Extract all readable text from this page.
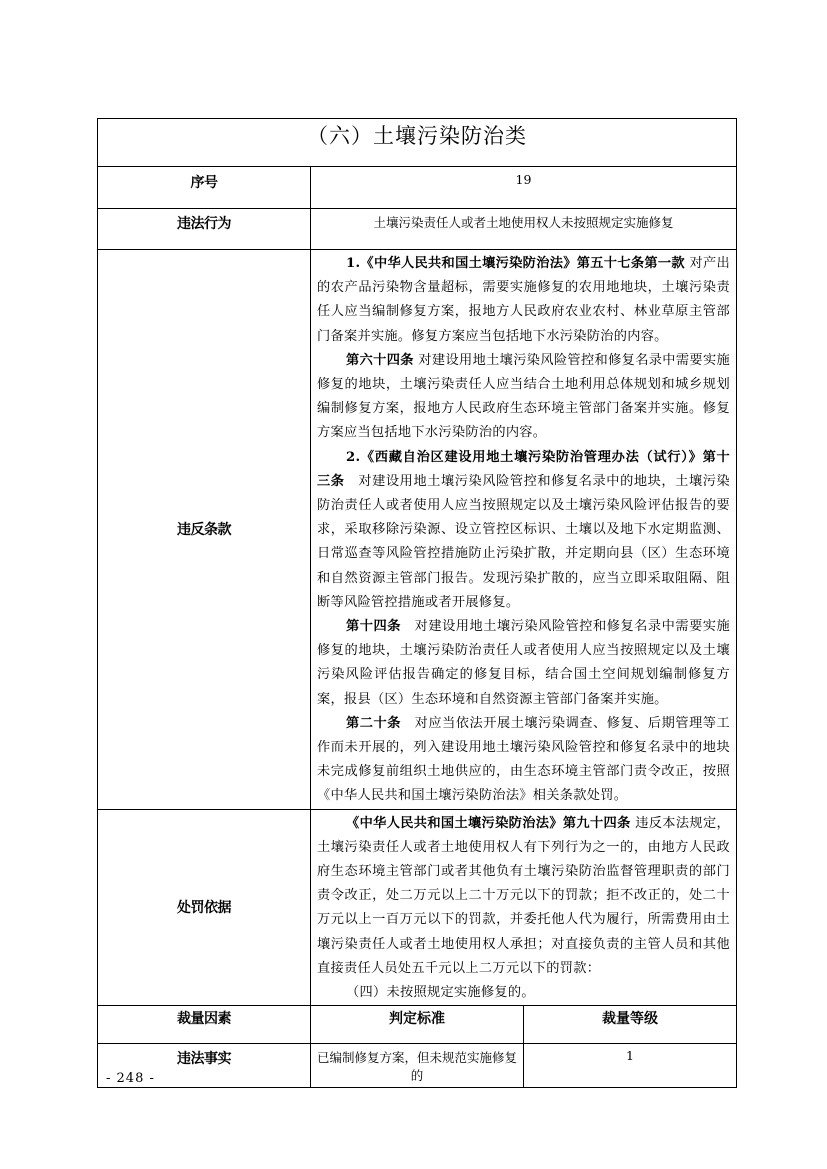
（六）土壤污染防治类		
序号	19	
违法行为	土壤污染责任人或者土地使用权人未按照规定实施修复	
违反条款	1.《中华人民共和国土壤污染防治法》第五十七条第一款 对产出的农产品污染物含量超标，需要实施修复的农用地地块，土壤污染责任人应当编制修复方案，报地方人民政府农业农村、林业草原主管部门备案并实施。修复方案应当包括地下水污染防治的内容。

第六十四条 对建设用地土壤污染风险管控和修复名录中需要实施修复的地块，土壤污染责任人应当结合土地利用总体规划和城乡规划编制修复方案，报地方人民政府生态环境主管部门备案并实施。修复方案应当包括地下水污染防治的内容。

2.《西藏自治区建设用地土壤污染防治管理办法（试行）》第十三条　对建设用地土壤污染风险管控和修复名录中的地块，土壤污染防治责任人或者使用人应当按照规定以及土壤污染风险评估报告的要求，采取移除污染源、设立管控区标识、土壤以及地下水定期监测、日常巡查等风险管控措施防止污染扩散，并定期向县（区）生态环境和自然资源主管部门报告。发现污染扩散的，应当立即采取阻隔、阻断等风险管控措施或者开展修复。

第十四条　对建设用地土壤污染风险管控和修复名录中需要实施修复的地块，土壤污染防治责任人或者使用人应当按照规定以及土壤污染风险评估报告确定的修复目标，结合国土空间规划编制修复方案，报县（区）生态环境和自然资源主管部门备案并实施。

第二十条　对应当依法开展土壤污染调查、修复、后期管理等工作而未开展的，列入建设用地土壤污染风险管控和修复名录中的地块未完成修复前组织土地供应的，由生态环境主管部门责令改正，按照《中华人民共和国土壤污染防治法》相关条款处罚。	

处罚依据	《中华人民共和国土壤污染防治法》第九十四条 违反本法规定，土壤污染责任人或者土地使用权人有下列行为之一的，由地方人民政府生态环境主管部门或者其他负有土壤污染防治监督管理职责的部门责令改正，处二万元以上二十万元以下的罚款；拒不改正的，处二十万元以上一百万元以下的罚款，并委托他人代为履行，所需费用由土壤污染责任人或者土地使用权人承担；对直接负责的主管人员和其他直接责任人员处五千元以上二万元以下的罚款：

（四）未按照规定实施修复的。	

裁量因素	判定标准	裁量等级
违法事实	已编制修复方案，但未规范实施修复的	1
- 248 -
